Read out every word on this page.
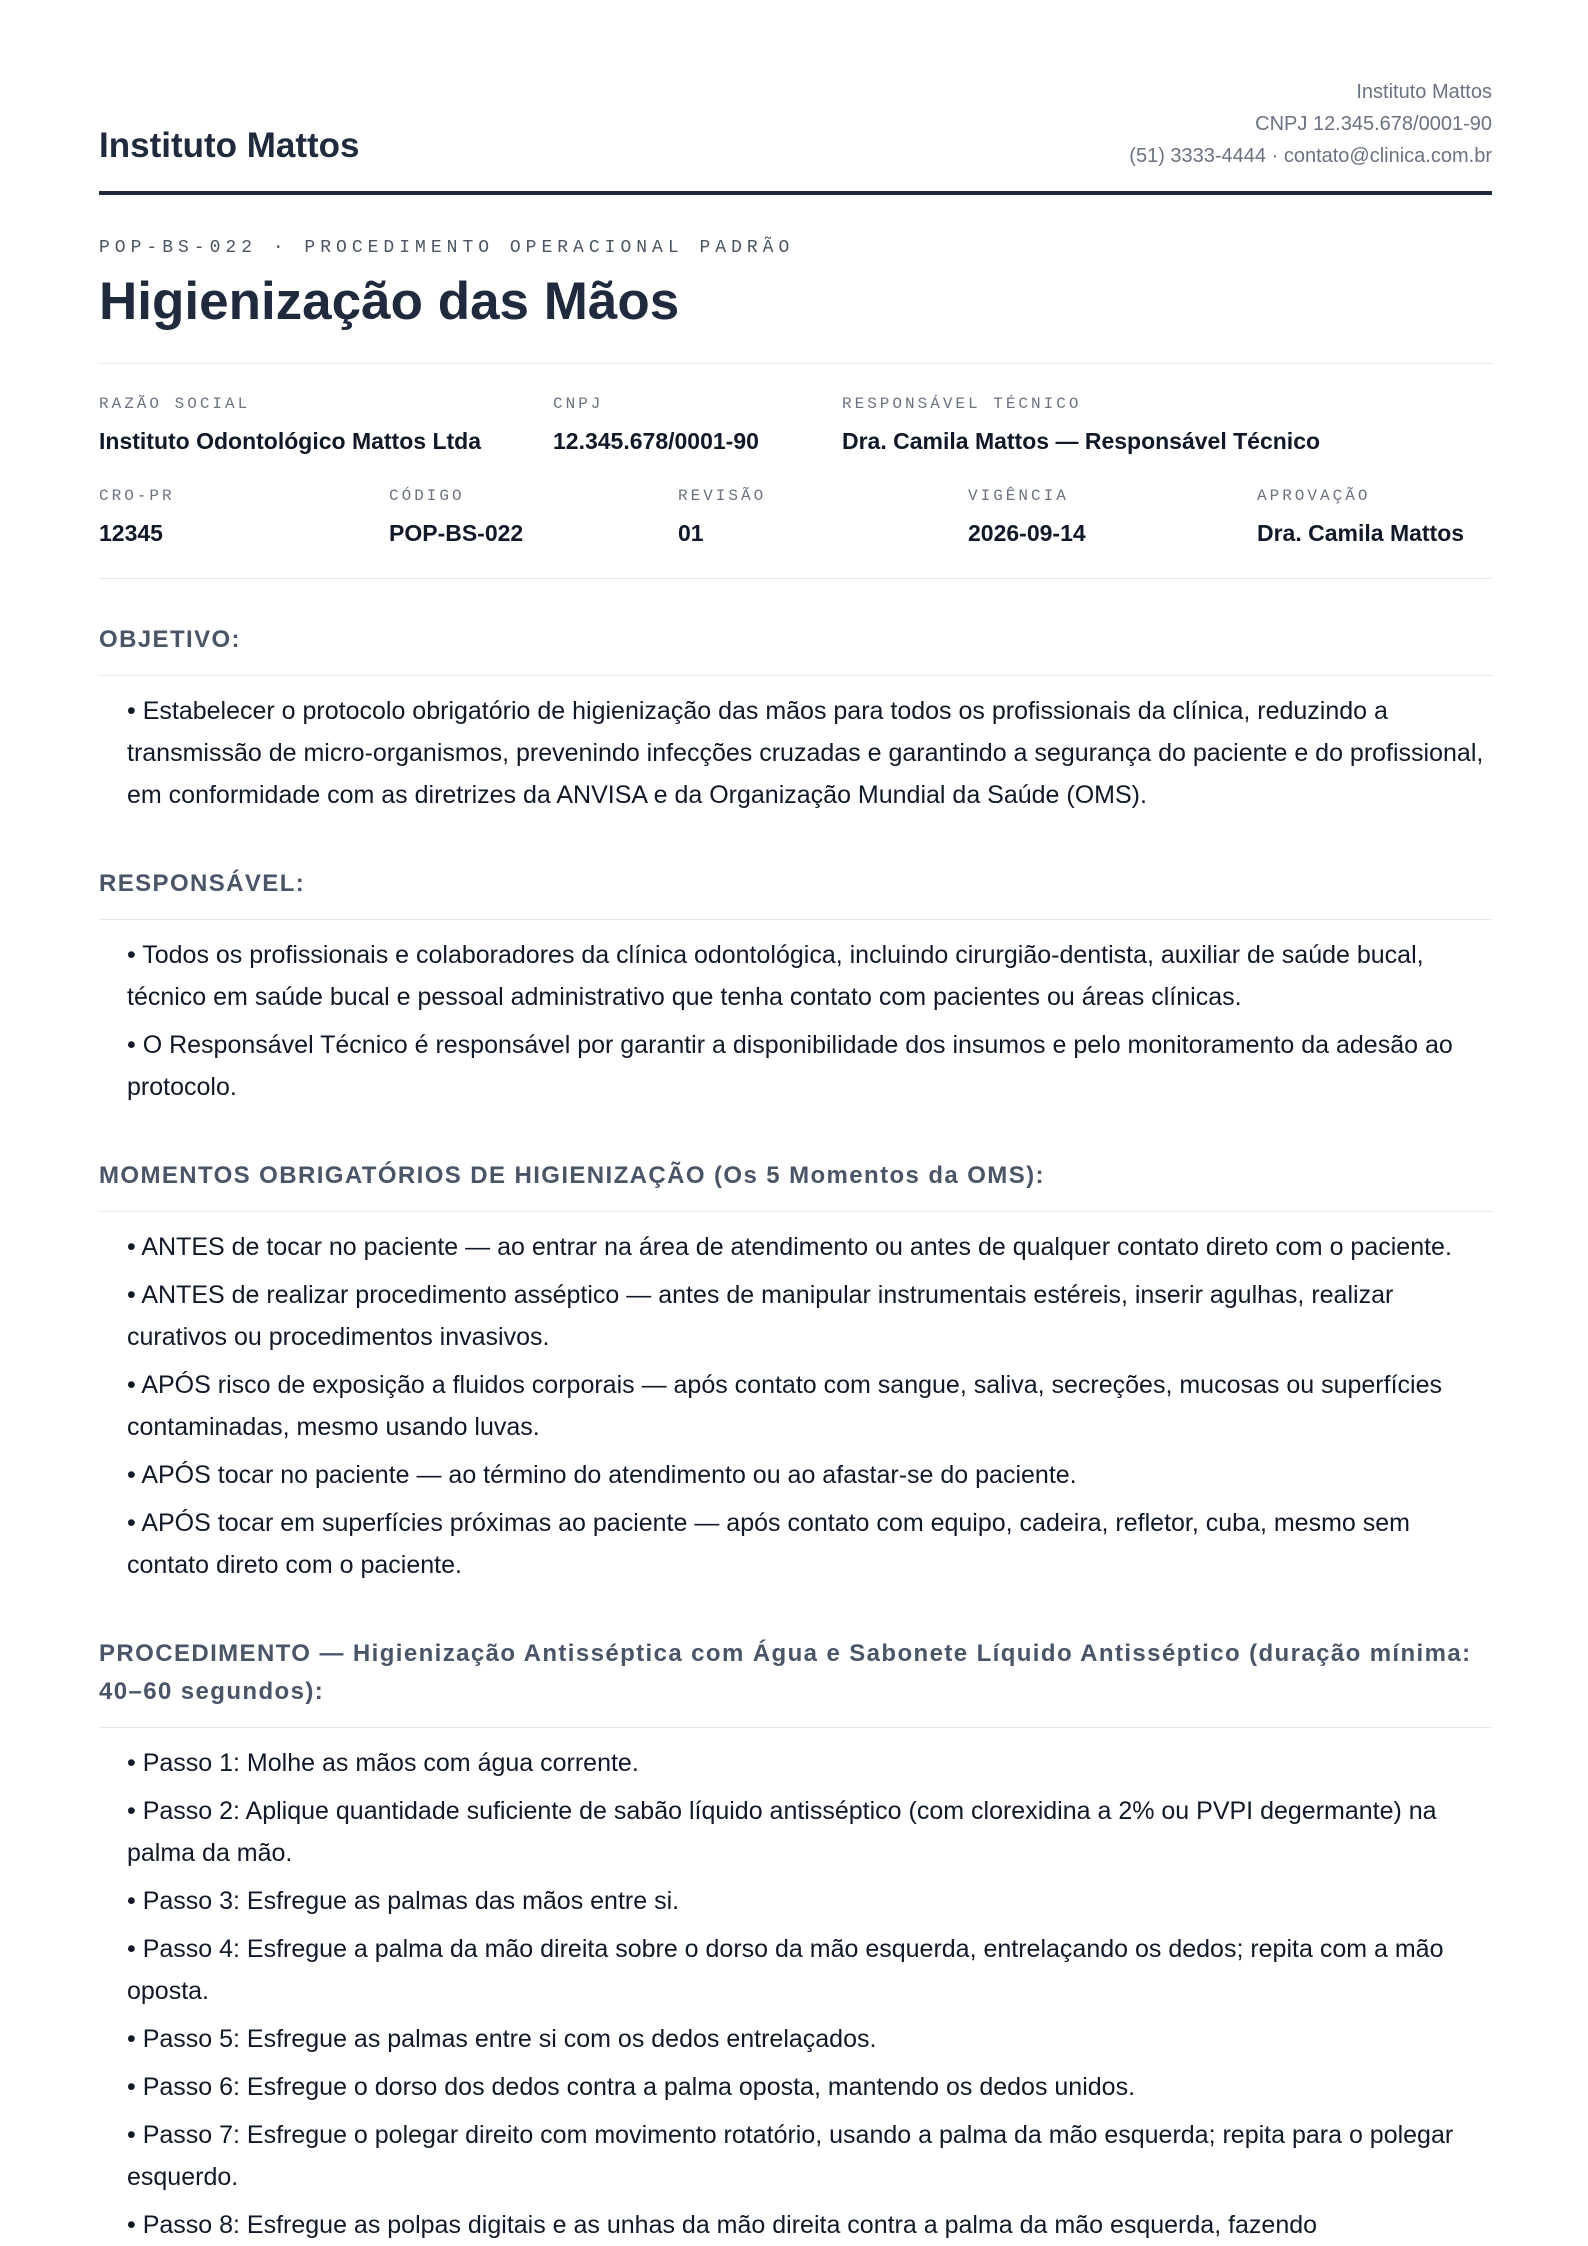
Instituto Mattos
Instituto Mattos
CNPJ 12.345.678/0001-90
(51) 3333-4444 · contato@clinica.com.br
POP-BS-022 · PROCEDIMENTO OPERACIONAL PADRÃO
Higienização das Mãos
RAZÃO SOCIAL
Instituto Odontológico Mattos Ltda
CNPJ
12.345.678/0001-90
RESPONSÁVEL TÉCNICO
Dra. Camila Mattos — Responsável Técnico
CRO-PR
12345
CÓDIGO
POP-BS-022
REVISÃO
01
VIGÊNCIA
2026-09-14
APROVAÇÃO
Dra. Camila Mattos
OBJETIVO:
• Estabelecer o protocolo obrigatório de higienização das mãos para todos os profissionais da clínica, reduzindo a transmissão de micro-organismos, prevenindo infecções cruzadas e garantindo a segurança do paciente e do profissional, em conformidade com as diretrizes da ANVISA e da Organização Mundial da Saúde (OMS).
RESPONSÁVEL:
• Todos os profissionais e colaboradores da clínica odontológica, incluindo cirurgião-dentista, auxiliar de saúde bucal, técnico em saúde bucal e pessoal administrativo que tenha contato com pacientes ou áreas clínicas.
• O Responsável Técnico é responsável por garantir a disponibilidade dos insumos e pelo monitoramento da adesão ao protocolo.
MOMENTOS OBRIGATÓRIOS DE HIGIENIZAÇÃO (Os 5 Momentos da OMS):
• ANTES de tocar no paciente — ao entrar na área de atendimento ou antes de qualquer contato direto com o paciente.
• ANTES de realizar procedimento asséptico — antes de manipular instrumentais estéreis, inserir agulhas, realizar curativos ou procedimentos invasivos.
• APÓS risco de exposição a fluidos corporais — após contato com sangue, saliva, secreções, mucosas ou superfícies contaminadas, mesmo usando luvas.
• APÓS tocar no paciente — ao término do atendimento ou ao afastar-se do paciente.
• APÓS tocar em superfícies próximas ao paciente — após contato com equipo, cadeira, refletor, cuba, mesmo sem contato direto com o paciente.
PROCEDIMENTO — Higienização Antisséptica com Água e Sabonete Líquido Antisséptico (duração mínima: 40–60 segundos):
• Passo 1: Molhe as mãos com água corrente.
• Passo 2: Aplique quantidade suficiente de sabão líquido antisséptico (com clorexidina a 2% ou PVPI degermante) na palma da mão.
• Passo 3: Esfregue as palmas das mãos entre si.
• Passo 4: Esfregue a palma da mão direita sobre o dorso da mão esquerda, entrelaçando os dedos; repita com a mão oposta.
• Passo 5: Esfregue as palmas entre si com os dedos entrelaçados.
• Passo 6: Esfregue o dorso dos dedos contra a palma oposta, mantendo os dedos unidos.
• Passo 7: Esfregue o polegar direito com movimento rotatório, usando a palma da mão esquerda; repita para o polegar esquerdo.
• Passo 8: Esfregue as polpas digitais e as unhas da mão direita contra a palma da mão esquerda, fazendo
